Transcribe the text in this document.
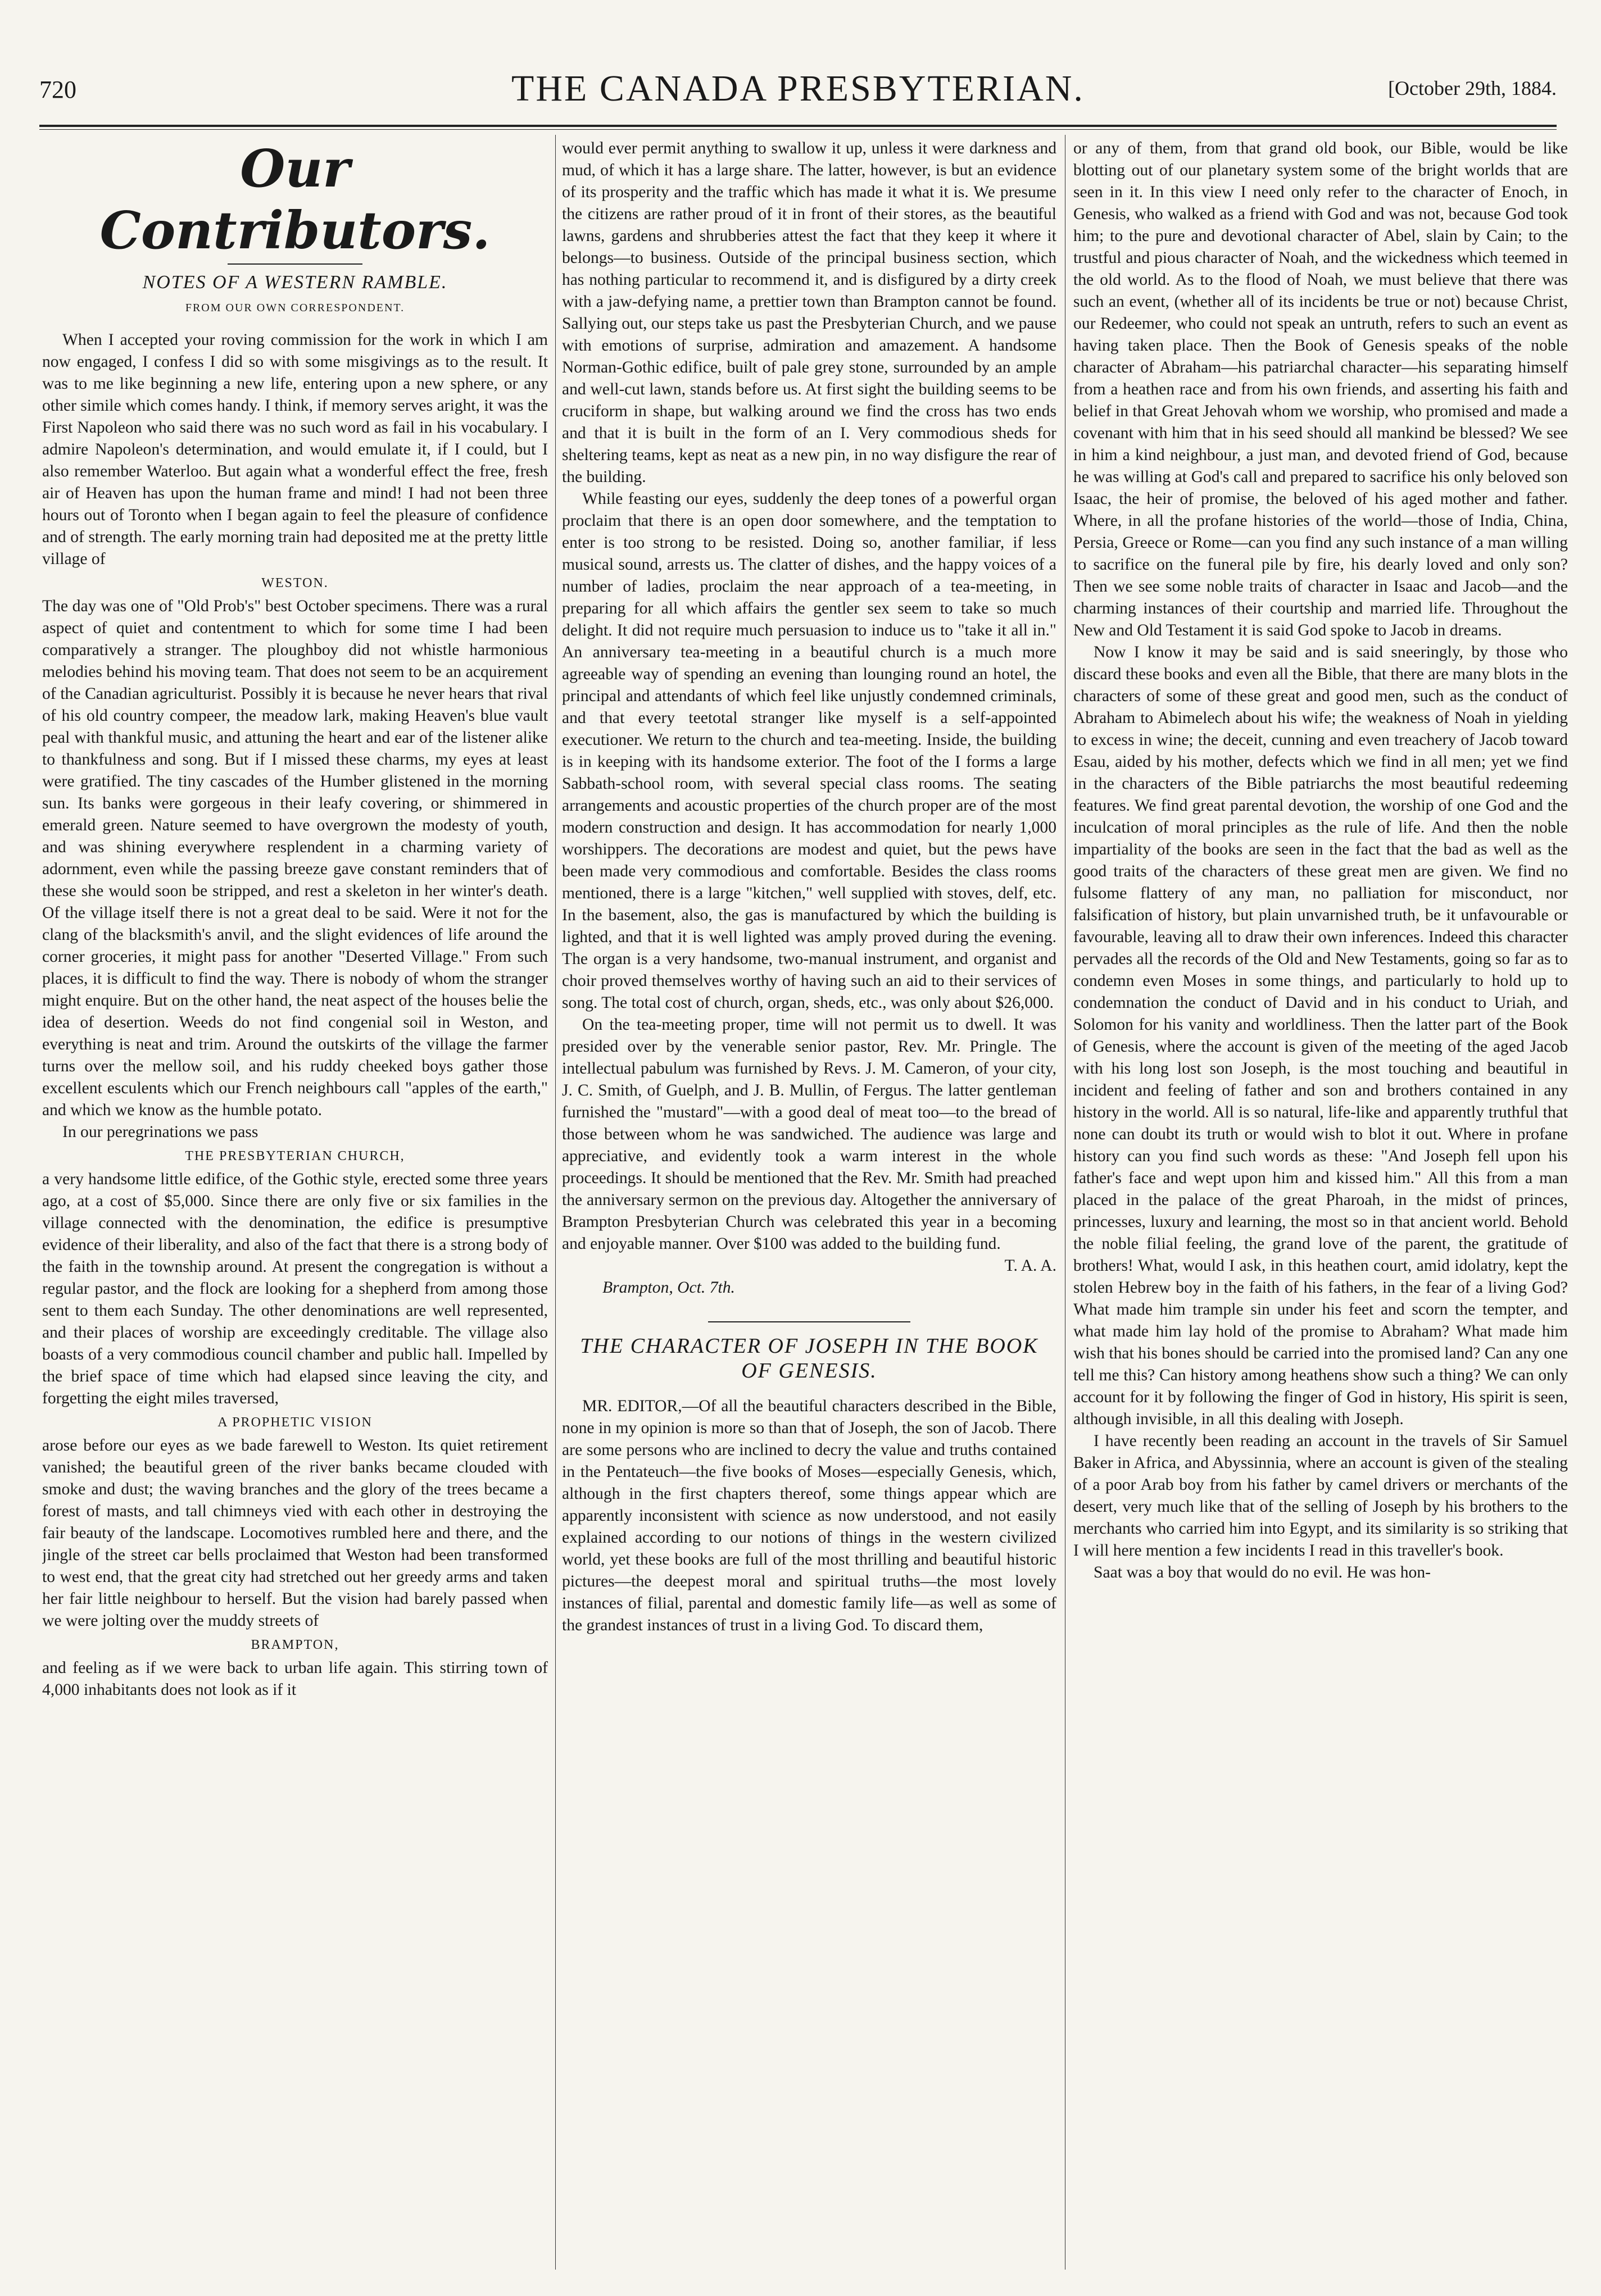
720	THE CANADA PRESBYTERIAN.	[October 29th, 1884.
Our Contributors.
NOTES OF A WESTERN RAMBLE.
FROM OUR OWN CORRESPONDENT.

When I accepted your roving commission for the work in which I am now engaged, I confess I did so with some misgivings as to the result. It was to me like beginning a new life, entering upon a new sphere, or any other simile which comes handy. I think, if memory serves aright, it was the First Napoleon who said there was no such word as fail in his vocabulary. I admire Napoleon's determination, and would emulate it, if I could, but I also remember Waterloo. But again what a wonderful effect the free, fresh air of Heaven has upon the human frame and mind! I had not been three hours out of Toronto when I began again to feel the pleasure of confidence and of strength. The early morning train had deposited me at the pretty little village of

WESTON.

The day was one of "Old Prob's" best October specimens. There was a rural aspect of quiet and contentment to which for some time I had been comparatively a stranger. The ploughboy did not whistle harmonious melodies behind his moving team. That does not seem to be an acquirement of the Canadian agriculturist. Possibly it is because he never hears that rival of his old country compeer, the meadow lark, making Heaven's blue vault peal with thankful music, and attuning the heart and ear of the listener alike to thankfulness and song. But if I missed these charms, my eyes at least were gratified. The tiny cascades of the Humber glistened in the morning sun. Its banks were gorgeous in their leafy covering, or shimmered in emerald green. Nature seemed to have overgrown the modesty of youth, and was shining everywhere resplendent in a charming variety of adornment, even while the passing breeze gave constant reminders that of these she would soon be stripped, and rest a skeleton in her winter's death. Of the village itself there is not a great deal to be said. Were it not for the clang of the blacksmith's anvil, and the slight evidences of life around the corner groceries, it might pass for another "Deserted Village." From such places, it is difficult to find the way. There is nobody of whom the stranger might enquire. But on the other hand, the neat aspect of the houses belie the idea of desertion. Weeds do not find congenial soil in Weston, and everything is neat and trim. Around the outskirts of the village the farmer turns over the mellow soil, and his ruddy cheeked boys gather those excellent esculents which our French neighbours call "apples of the earth," and which we know as the humble potato.

In our peregrinations we pass

THE PRESBYTERIAN CHURCH,

a very handsome little edifice, of the Gothic style, erected some three years ago, at a cost of $5,000. Since there are only five or six families in the village connected with the denomination, the edifice is presumptive evidence of their liberality, and also of the fact that there is a strong body of the faith in the township around. At present the congregation is without a regular pastor, and the flock are looking for a shepherd from among those sent to them each Sunday. The other denominations are well represented, and their places of worship are exceedingly creditable. The village also boasts of a very commodious council chamber and public hall. Impelled by the brief space of time which had elapsed since leaving the city, and forgetting the eight miles traversed,

A PROPHETIC VISION

arose before our eyes as we bade farewell to Weston. Its quiet retirement vanished; the beautiful green of the river banks became clouded with smoke and dust; the waving branches and the glory of the trees became a forest of masts, and tall chimneys vied with each other in destroying the fair beauty of the landscape. Locomotives rumbled here and there, and the jingle of the street car bells proclaimed that Weston had been transformed to west end, that the great city had stretched out her greedy arms and taken her fair little neighbour to herself. But the vision had barely passed when we were jolting over the muddy streets of

BRAMPTON,

and feeling as if we were back to urban life again. This stirring town of 4,000 inhabitants does not look as if it

would ever permit anything to swallow it up, unless it were darkness and mud, of which it has a large share. The latter, however, is but an evidence of its prosperity and the traffic which has made it what it is. We presume the citizens are rather proud of it in front of their stores, as the beautiful lawns, gardens and shrubberies attest the fact that they keep it where it belongs—to business. Outside of the principal business section, which has nothing particular to recommend it, and is disfigured by a dirty creek with a jaw-defying name, a prettier town than Brampton cannot be found. Sallying out, our steps take us past the Presbyterian Church, and we pause with emotions of surprise, admiration and amazement. A handsome Norman-Gothic edifice, built of pale grey stone, surrounded by an ample and well-cut lawn, stands before us. At first sight the building seems to be cruciform in shape, but walking around we find the cross has two ends and that it is built in the form of an I. Very commodious sheds for sheltering teams, kept as neat as a new pin, in no way disfigure the rear of the building.

While feasting our eyes, suddenly the deep tones of a powerful organ proclaim that there is an open door somewhere, and the temptation to enter is too strong to be resisted. Doing so, another familiar, if less musical sound, arrests us. The clatter of dishes, and the happy voices of a number of ladies, proclaim the near approach of a tea-meeting, in preparing for all which affairs the gentler sex seem to take so much delight. It did not require much persuasion to induce us to "take it all in." An anniversary tea-meeting in a beautiful church is a much more agreeable way of spending an evening than lounging round an hotel, the principal and attendants of which feel like unjustly condemned criminals, and that every teetotal stranger like myself is a self-appointed executioner. We return to the church and tea-meeting. Inside, the building is in keeping with its handsome exterior. The foot of the I forms a large Sabbath-school room, with several special class rooms. The seating arrangements and acoustic properties of the church proper are of the most modern construction and design. It has accommodation for nearly 1,000 worshippers. The decorations are modest and quiet, but the pews have been made very commodious and comfortable. Besides the class rooms mentioned, there is a large "kitchen," well supplied with stoves, delf, etc. In the basement, also, the gas is manufactured by which the building is lighted, and that it is well lighted was amply proved during the evening. The organ is a very handsome, two-manual instrument, and organist and choir proved themselves worthy of having such an aid to their services of song. The total cost of church, organ, sheds, etc., was only about $26,000.

On the tea-meeting proper, time will not permit us to dwell. It was presided over by the venerable senior pastor, Rev. Mr. Pringle. The intellectual pabulum was furnished by Revs. J. M. Cameron, of your city, J. C. Smith, of Guelph, and J. B. Mullin, of Fergus. The latter gentleman furnished the "mustard"—with a good deal of meat too—to the bread of those between whom he was sandwiched. The audience was large and appreciative, and evidently took a warm interest in the whole proceedings. It should be mentioned that the Rev. Mr. Smith had preached the anniversary sermon on the previous day. Altogether the anniversary of Brampton Presbyterian Church was celebrated this year in a becoming and enjoyable manner. Over $100 was added to the building fund.

T. A. A.

Brampton, Oct. 7th.

THE CHARACTER OF JOSEPH IN THE BOOK OF GENESIS.

MR. EDITOR,—Of all the beautiful characters described in the Bible, none in my opinion is more so than that of Joseph, the son of Jacob. There are some persons who are inclined to decry the value and truths contained in the Pentateuch—the five books of Moses—especially Genesis, which, although in the first chapters thereof, some things appear which are apparently inconsistent with science as now understood, and not easily explained according to our notions of things in the western civilized world, yet these books are full of the most thrilling and beautiful historic pictures—the deepest moral and spiritual truths—the most lovely instances of filial, parental and domestic family life—as well as some of the grandest instances of trust in a living God. To discard them,

or any of them, from that grand old book, our Bible, would be like blotting out of our planetary system some of the bright worlds that are seen in it. In this view I need only refer to the character of Enoch, in Genesis, who walked as a friend with God and was not, because God took him; to the pure and devotional character of Abel, slain by Cain; to the trustful and pious character of Noah, and the wickedness which teemed in the old world. As to the flood of Noah, we must believe that there was such an event, (whether all of its incidents be true or not) because Christ, our Redeemer, who could not speak an untruth, refers to such an event as having taken place. Then the Book of Genesis speaks of the noble character of Abraham—his patriarchal character—his separating himself from a heathen race and from his own friends, and asserting his faith and belief in that Great Jehovah whom we worship, who promised and made a covenant with him that in his seed should all mankind be blessed? We see in him a kind neighbour, a just man, and devoted friend of God, because he was willing at God's call and prepared to sacrifice his only beloved son Isaac, the heir of promise, the beloved of his aged mother and father. Where, in all the profane histories of the world—those of India, China, Persia, Greece or Rome—can you find any such instance of a man willing to sacrifice on the funeral pile by fire, his dearly loved and only son? Then we see some noble traits of character in Isaac and Jacob—and the charming instances of their courtship and married life. Throughout the New and Old Testament it is said God spoke to Jacob in dreams.

Now I know it may be said and is said sneeringly, by those who discard these books and even all the Bible, that there are many blots in the characters of some of these great and good men, such as the conduct of Abraham to Abimelech about his wife; the weakness of Noah in yielding to excess in wine; the deceit, cunning and even treachery of Jacob toward Esau, aided by his mother, defects which we find in all men; yet we find in the characters of the Bible patriarchs the most beautiful redeeming features. We find great parental devotion, the worship of one God and the inculcation of moral principles as the rule of life. And then the noble impartiality of the books are seen in the fact that the bad as well as the good traits of the characters of these great men are given. We find no fulsome flattery of any man, no palliation for misconduct, nor falsification of history, but plain unvarnished truth, be it unfavourable or favourable, leaving all to draw their own inferences. Indeed this character pervades all the records of the Old and New Testaments, going so far as to condemn even Moses in some things, and particularly to hold up to condemnation the conduct of David and in his conduct to Uriah, and Solomon for his vanity and worldliness. Then the latter part of the Book of Genesis, where the account is given of the meeting of the aged Jacob with his long lost son Joseph, is the most touching and beautiful in incident and feeling of father and son and brothers contained in any history in the world. All is so natural, life-like and apparently truthful that none can doubt its truth or would wish to blot it out. Where in profane history can you find such words as these: "And Joseph fell upon his father's face and wept upon him and kissed him." All this from a man placed in the palace of the great Pharoah, in the midst of princes, princesses, luxury and learning, the most so in that ancient world. Behold the noble filial feeling, the grand love of the parent, the gratitude of brothers! What, would I ask, in this heathen court, amid idolatry, kept the stolen Hebrew boy in the faith of his fathers, in the fear of a living God? What made him trample sin under his feet and scorn the tempter, and what made him lay hold of the promise to Abraham? What made him wish that his bones should be carried into the promised land? Can any one tell me this? Can history among heathens show such a thing? We can only account for it by following the finger of God in history, His spirit is seen, although invisible, in all this dealing with Joseph.

I have recently been reading an account in the travels of Sir Samuel Baker in Africa, and Abyssinnia, where an account is given of the stealing of a poor Arab boy from his father by camel drivers or merchants of the desert, very much like that of the selling of Joseph by his brothers to the merchants who carried him into Egypt, and its similarity is so striking that I will here mention a few incidents I read in this traveller's book.

Saat was a boy that would do no evil. He was hon-
